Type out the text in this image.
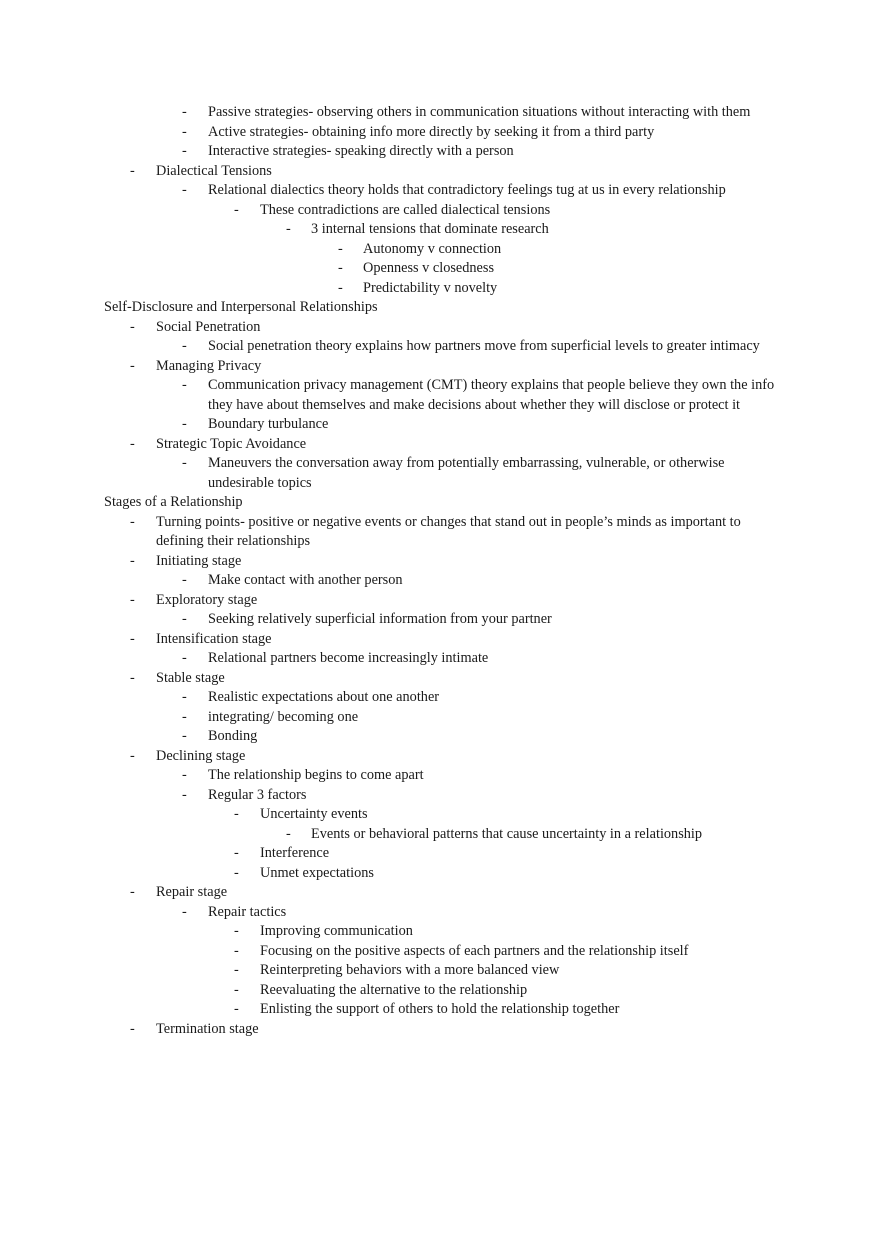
- Passive strategies- observing others in communication situations without interacting with them
- Active strategies- obtaining info more directly by seeking it from a third party
- Interactive strategies- speaking directly with a person
- Dialectical Tensions
- Relational dialectics theory holds that contradictory feelings tug at us in every relationship
- These contradictions are called dialectical tensions
- 3 internal tensions that dominate research
- Autonomy v connection
- Openness v closedness
- Predictability v novelty
Self-Disclosure and Interpersonal Relationships
- Social Penetration
- Social penetration theory explains how partners move from superficial levels to greater intimacy
- Managing Privacy
- Communication privacy management (CMT) theory explains that people believe they own the info they have about themselves and make decisions about whether they will disclose or protect it
- Boundary turbulance
- Strategic Topic Avoidance
- Maneuvers the conversation away from potentially embarrassing, vulnerable, or otherwise undesirable topics
Stages of a Relationship
- Turning points- positive or negative events or changes that stand out in people’s minds as important to defining their relationships
- Initiating stage
- Make contact with another person
- Exploratory stage
- Seeking relatively superficial information from your partner
- Intensification stage
- Relational partners become increasingly intimate
- Stable stage
- Realistic expectations about one another
- integrating/ becoming one
- Bonding
- Declining stage
- The relationship begins to come apart
- Regular 3 factors
- Uncertainty events
- Events or behavioral patterns that cause uncertainty in a relationship
- Interference
- Unmet expectations
- Repair stage
- Repair tactics
- Improving communication
- Focusing on the positive aspects of each partners and the relationship itself
- Reinterpreting behaviors with a more balanced view
- Reevaluating the alternative to the relationship
- Enlisting the support of others to hold the relationship together
- Termination stage
